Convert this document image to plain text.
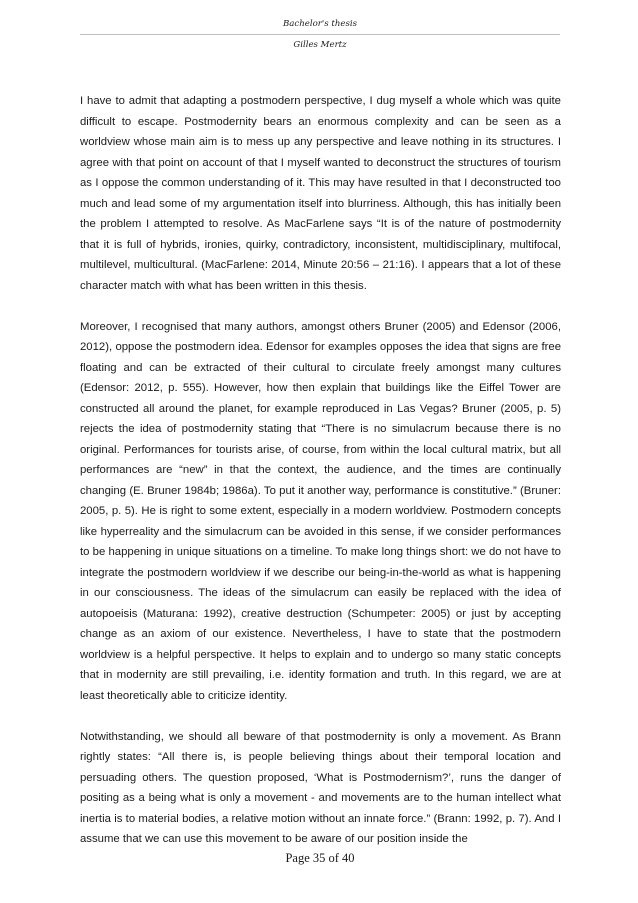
Bachelor's thesis
Gilles Mertz

I have to admit that adapting a postmodern perspective, I dug myself a whole which was quite difficult to escape. Postmodernity bears an enormous complexity and can be seen as a worldview whose main aim is to mess up any perspective and leave nothing in its structures. I agree with that point on account of that I myself wanted to deconstruct the structures of tourism as I oppose the common understanding of it. This may have resulted in that I deconstructed too much and lead some of my argumentation itself into blurriness. Although, this has initially been the problem I attempted to resolve. As MacFarlene says “It is of the nature of postmodernity that it is full of hybrids, ironies, quirky, contradictory, inconsistent, multidisciplinary, multifocal, multilevel, multicultural. (MacFarlene: 2014, Minute 20:56 – 21:16). I appears that a lot of these character match with what has been written in this thesis.

Moreover, I recognised that many authors, amongst others Bruner (2005) and Edensor (2006, 2012), oppose the postmodern idea. Edensor for examples opposes the idea that signs are free floating and can be extracted of their cultural to circulate freely amongst many cultures (Edensor: 2012, p. 555). However, how then explain that buildings like the Eiffel Tower are constructed all around the planet, for example reproduced in Las Vegas? Bruner (2005, p. 5) rejects the idea of postmodernity stating that “There is no simulacrum because there is no original. Performances for tourists arise, of course, from within the local cultural matrix, but all performances are “new” in that the context, the audience, and the times are continually changing (E. Bruner 1984b; 1986a). To put it another way, performance is constitutive.” (Bruner: 2005, p. 5). He is right to some extent, especially in a modern worldview. Postmodern concepts like hyperreality and the simulacrum can be avoided in this sense, if we consider performances to be happening in unique situations on a timeline. To make long things short: we do not have to integrate the postmodern worldview if we describe our being-in-the-world as what is happening in our consciousness. The ideas of the simulacrum can easily be replaced with the idea of autopoeisis (Maturana: 1992), creative destruction (Schumpeter: 2005) or just by accepting change as an axiom of our existence. Nevertheless, I have to state that the postmodern worldview is a helpful perspective. It helps to explain and to undergo so many static concepts that in modernity are still prevailing, i.e. identity formation and truth. In this regard, we are at least theoretically able to criticize identity.

Notwithstanding, we should all beware of that postmodernity is only a movement. As Brann rightly states: “All there is, is people believing things about their temporal location and persuading others. The question proposed, ‘What is Postmodernism?’, runs the danger of positing as a being what is only a movement - and movements are to the human intellect what inertia is to material bodies, a relative motion without an innate force.” (Brann: 1992, p. 7). And I assume that we can use this movement to be aware of our position inside the

Page 35 of 40
